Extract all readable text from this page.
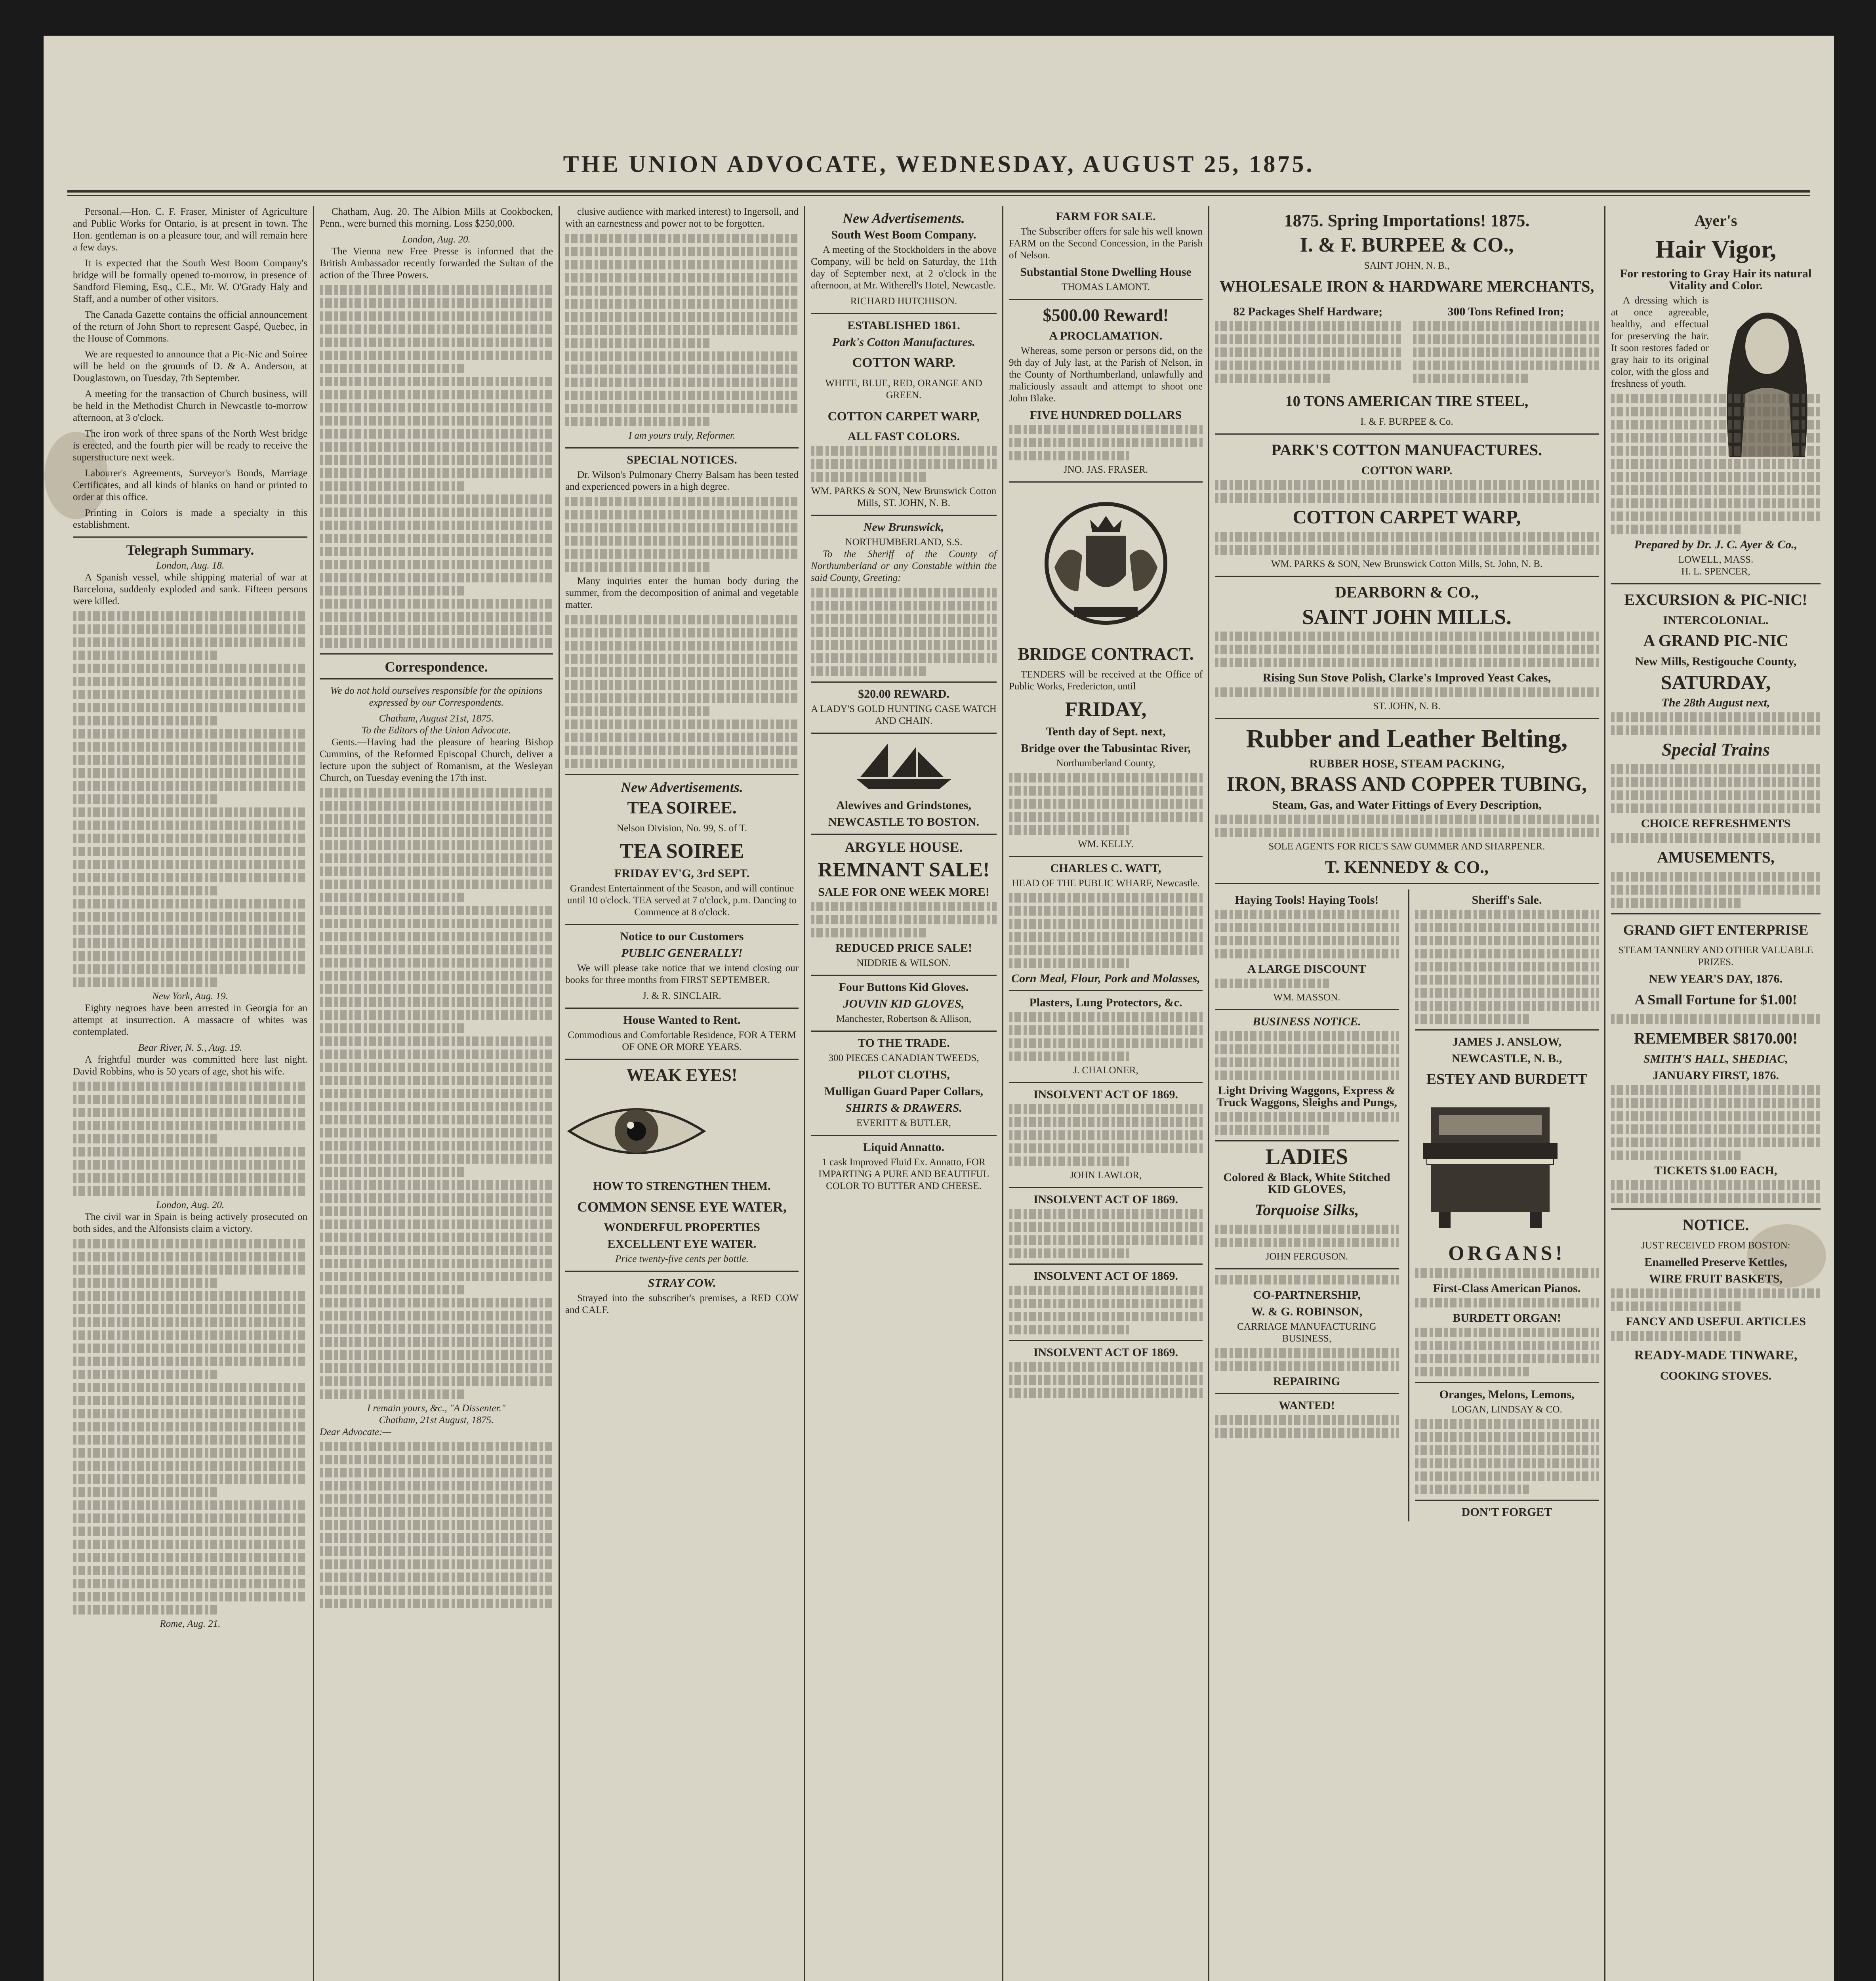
THE UNION ADVOCATE, WEDNESDAY, AUGUST 25, 1875.

Personal.—Hon. C. F. Fraser, Minister of Agriculture and Public Works for Ontario, is at present in town. The Hon. gentleman is on a pleasure tour, and will remain here a few days.

It is expected that the South West Boom Company's bridge will be formally opened to-morrow, in presence of Sandford Fleming, Esq., C.E., Mr. W. O'Grady Haly and Staff, and a number of other visitors.

The Canada Gazette contains the official announcement of the return of John Short to represent Gaspé, Quebec, in the House of Commons.

We are requested to announce that a Pic-Nic and Soiree will be held on the grounds of D. & A. Anderson, at Douglastown, on Tuesday, 7th September.

A meeting for the transaction of Church business, will be held in the Methodist Church in Newcastle to-morrow afternoon, at 3 o'clock.

The iron work of three spans of the North West bridge is erected, and the fourth pier will be ready to receive the superstructure next week.

Labourer's Agreements, Surveyor's Bonds, Marriage Certificates, and all kinds of blanks on hand or printed to order at this office.

Printing in Colors is made a specialty in this establishment.

Telegraph Summary.
London, Aug. 18.

A Spanish vessel, while shipping material of war at Barcelona, suddenly exploded and sank. Fifteen persons were killed.

New York, Aug. 19.

Eighty negroes have been arrested in Georgia for an attempt at insurrection. A massacre of whites was contemplated.

Bear River, N. S., Aug. 19.

A frightful murder was committed here last night. David Robbins, who is 50 years of age, shot his wife.

London, Aug. 20.

The civil war in Spain is being actively prosecuted on both sides, and the Alfonsists claim a victory.

Rome, Aug. 21.

Chatham, Aug. 20. The Albion Mills at Cookbocken, Penn., were burned this morning. Loss $250,000.

London, Aug. 20.

The Vienna new Free Presse is informed that the British Ambassador recently forwarded the Sultan of the action of the Three Powers.

Correspondence.

We do not hold ourselves responsible for the opinions expressed by our Correspondents.

Chatham, August 21st, 1875.
To the Editors of the Union Advocate.

Gents.—Having had the pleasure of hearing Bishop Cummins, of the Reformed Episcopal Church, deliver a lecture upon the subject of Romanism, at the Wesleyan Church, on Tuesday evening the 17th inst.

I remain yours, &c., "A Dissenter."
Chatham, 21st August, 1875.
Dear Advocate:—

clusive audience with marked interest) to Ingersoll, and with an earnestness and power not to be forgotten.

I am yours truly, Reformer.
SPECIAL NOTICES.

Dr. Wilson's Pulmonary Cherry Balsam has been tested and experienced powers in a high degree.

Many inquiries enter the human body during the summer, from the decomposition of animal and vegetable matter.

New Advertisements.
TEA SOIREE.
Nelson Division, No. 99, S. of T.
TEA SOIREE
FRIDAY EV'G, 3rd SEPT.

Grandest Entertainment of the Season, and will continue until 10 o'clock. TEA served at 7 o'clock, p.m. Dancing to Commence at 8 o'clock.

Notice to our Customers
PUBLIC GENERALLY!

We will please take notice that we intend closing our books for three months from FIRST SEPTEMBER.

J. & R. SINCLAIR.
House Wanted to Rent.

Commodious and Comfortable Residence, FOR A TERM OF ONE OR MORE YEARS.

WEAK EYES!
HOW TO STRENGTHEN THEM.
COMMON SENSE EYE WATER,
WONDERFUL PROPERTIES
EXCELLENT EYE WATER.
Price twenty-five cents per bottle.
STRAY COW.

Strayed into the subscriber's premises, a RED COW and CALF.

New Advertisements.
South West Boom Company.

A meeting of the Stockholders in the above Company, will be held on Saturday, the 11th day of September next, at 2 o'clock in the afternoon, at Mr. Witherell's Hotel, Newcastle.

RICHARD HUTCHISON.
ESTABLISHED 1861.
Park's Cotton Manufactures.
COTTON WARP.
WHITE, BLUE, RED, ORANGE AND GREEN.
COTTON CARPET WARP,
ALL FAST COLORS.
WM. PARKS & SON, New Brunswick Cotton Mills, ST. JOHN, N. B.
New Brunswick,
NORTHUMBERLAND, S.S.

To the Sheriff of the County of Northumberland or any Constable within the said County, Greeting:

$20.00 REWARD.
A LADY'S GOLD HUNTING CASE WATCH AND CHAIN.
Alewives and Grindstones,
NEWCASTLE TO BOSTON.
ARGYLE HOUSE.
REMNANT SALE!
SALE FOR ONE WEEK MORE!
REDUCED PRICE SALE!
NIDDRIE & WILSON.
Four Buttons Kid Gloves.
JOUVIN KID GLOVES,
Manchester, Robertson & Allison,
TO THE TRADE.
300 PIECES CANADIAN TWEEDS,
PILOT CLOTHS,
Mulligan Guard Paper Collars,
SHIRTS & DRAWERS.
EVERITT & BUTLER,
Liquid Annatto.

1 cask Improved Fluid Ex. Annatto, FOR IMPARTING A PURE AND BEAUTIFUL COLOR TO BUTTER AND CHEESE.

FARM FOR SALE.

The Subscriber offers for sale his well known FARM on the Second Concession, in the Parish of Nelson.

Substantial Stone Dwelling House
THOMAS LAMONT.
$500.00 Reward!
A PROCLAMATION.

Whereas, some person or persons did, on the 9th day of July last, at the Parish of Nelson, in the County of Northumberland, unlawfully and maliciously assault and attempt to shoot one John Blake.

FIVE HUNDRED DOLLARS
JNO. JAS. FRASER.
BRIDGE CONTRACT.

TENDERS will be received at the Office of Public Works, Fredericton, until

FRIDAY,
Tenth day of Sept. next,
Bridge over the Tabusintac River,
Northumberland County,
WM. KELLY.
CHARLES C. WATT,
HEAD OF THE PUBLIC WHARF, Newcastle.
Corn Meal, Flour, Pork and Molasses,
Plasters, Lung Protectors, &c.
J. CHALONER,
INSOLVENT ACT OF 1869.
JOHN LAWLOR,
INSOLVENT ACT OF 1869.
INSOLVENT ACT OF 1869.
INSOLVENT ACT OF 1869.
1875. Spring Importations! 1875.
I. & F. BURPEE & CO.,
SAINT JOHN, N. B.,
WHOLESALE IRON & HARDWARE MERCHANTS,
82 Packages Shelf Hardware;	300 Tons Refined Iron;
10 TONS AMERICAN TIRE STEEL,
I. & F. BURPEE & Co.
PARK'S COTTON MANUFACTURES.
COTTON WARP.
COTTON CARPET WARP,
WM. PARKS & SON, New Brunswick Cotton Mills, St. John, N. B.
DEARBORN & CO.,
SAINT JOHN MILLS.
Rising Sun Stove Polish, Clarke's Improved Yeast Cakes,
ST. JOHN, N. B.
Rubber and Leather Belting,
RUBBER HOSE, STEAM PACKING,
IRON, BRASS AND COPPER TUBING,
Steam, Gas, and Water Fittings of Every Description,
SOLE AGENTS FOR RICE'S SAW GUMMER AND SHARPENER.
T. KENNEDY & CO.,
Haying Tools! Haying Tools!
A LARGE DISCOUNT
WM. MASSON.
BUSINESS NOTICE.
Light Driving Waggons, Express & Truck Waggons, Sleighs and Pungs,
LADIES
Colored & Black, White Stitched KID GLOVES,
Torquoise Silks,
JOHN FERGUSON.
CO-PARTNERSHIP,
W. & G. ROBINSON,
CARRIAGE MANUFACTURING BUSINESS,
REPAIRING
WANTED!
Sheriff's Sale.
JAMES J. ANSLOW,
NEWCASTLE, N. B.,
ESTEY AND BURDETT
ORGANS!
First-Class American Pianos.
BURDETT ORGAN!
Oranges, Melons, Lemons,
LOGAN, LINDSAY & CO.
DON'T FORGET
Ayer's
Hair Vigor,
For restoring to Gray Hair its natural Vitality and Color.

A dressing which is at once agreeable, healthy, and effectual for preserving the hair. It soon restores faded or gray hair to its original color, with the gloss and freshness of youth.

Prepared by Dr. J. C. Ayer & Co.,
LOWELL, MASS.
H. L. SPENCER,
EXCURSION & PIC-NIC!
INTERCOLONIAL.
A GRAND PIC-NIC
New Mills, Restigouche County,
SATURDAY,
The 28th August next,
Special Trains
CHOICE REFRESHMENTS
AMUSEMENTS,
GRAND GIFT ENTERPRISE
STEAM TANNERY AND OTHER VALUABLE PRIZES.
NEW YEAR'S DAY, 1876.
A Small Fortune for $1.00!
REMEMBER $8170.00!
SMITH'S HALL, SHEDIAC,
JANUARY FIRST, 1876.
TICKETS $1.00 EACH,
NOTICE.
JUST RECEIVED FROM BOSTON:
Enamelled Preserve Kettles,
WIRE FRUIT BASKETS,
FANCY AND USEFUL ARTICLES
READY-MADE TINWARE,
COOKING STOVES.
